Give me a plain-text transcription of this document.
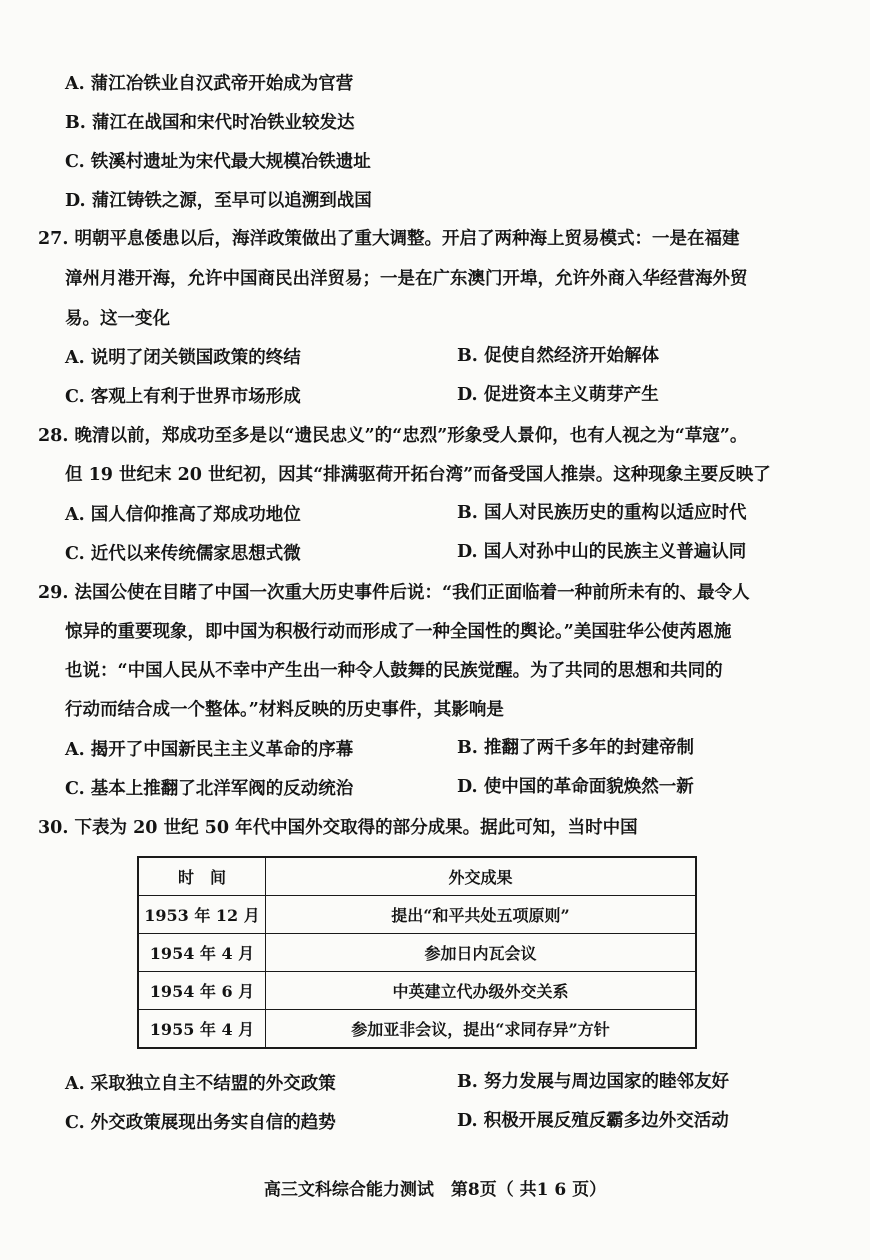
A. 蒲江冶铁业自汉武帝开始成为官营
B. 蒲江在战国和宋代时冶铁业较发达
C. 铁溪村遗址为宋代最大规模冶铁遗址
D. 蒲江铸铁之源，至早可以追溯到战国
27. 明朝平息倭患以后，海洋政策做出了重大调整。开启了两种海上贸易模式：一是在福建
漳州月港开海，允许中国商民出洋贸易；一是在广东澳门开埠，允许外商入华经营海外贸
易。这一变化
A. 说明了闭关锁国政策的终结	B. 促使自然经济开始解体
C. 客观上有利于世界市场形成	D. 促进资本主义萌芽产生
28. 晚清以前，郑成功至多是以“遗民忠义”的“忠烈”形象受人景仰，也有人视之为“草寇”。
但 19 世纪末 20 世纪初，因其“排满驱荷开拓台湾”而备受国人推崇。这种现象主要反映了
A. 国人信仰推高了郑成功地位	B. 国人对民族历史的重构以适应时代
C. 近代以来传统儒家思想式微	D. 国人对孙中山的民族主义普遍认同
29. 法国公使在目睹了中国一次重大历史事件后说：“我们正面临着一种前所未有的、最令人
惊异的重要现象，即中国为积极行动而形成了一种全国性的舆论。”美国驻华公使芮恩施
也说：“中国人民从不幸中产生出一种令人鼓舞的民族觉醒。为了共同的思想和共同的
行动而结合成一个整体。”材料反映的历史事件，其影响是
A. 揭开了中国新民主主义革命的序幕	B. 推翻了两千多年的封建帝制
C. 基本上推翻了北洋军阀的反动统治	D. 使中国的革命面貌焕然一新
30. 下表为 20 世纪 50 年代中国外交取得的部分成果。据此可知，当时中国
时　间	外交成果
1953 年 12 月	提出“和平共处五项原则”
1954 年 4 月	参加日内瓦会议
1954 年 6 月	中英建立代办级外交关系
1955 年 4 月	参加亚非会议，提出“求同存异”方针
A. 采取独立自主不结盟的外交政策	B. 努力发展与周边国家的睦邻友好
C. 外交政策展现出务实自信的趋势	D. 积极开展反殖反霸多边外交活动
高三文科综合能力测试　第8页（ 共1 6 页）
